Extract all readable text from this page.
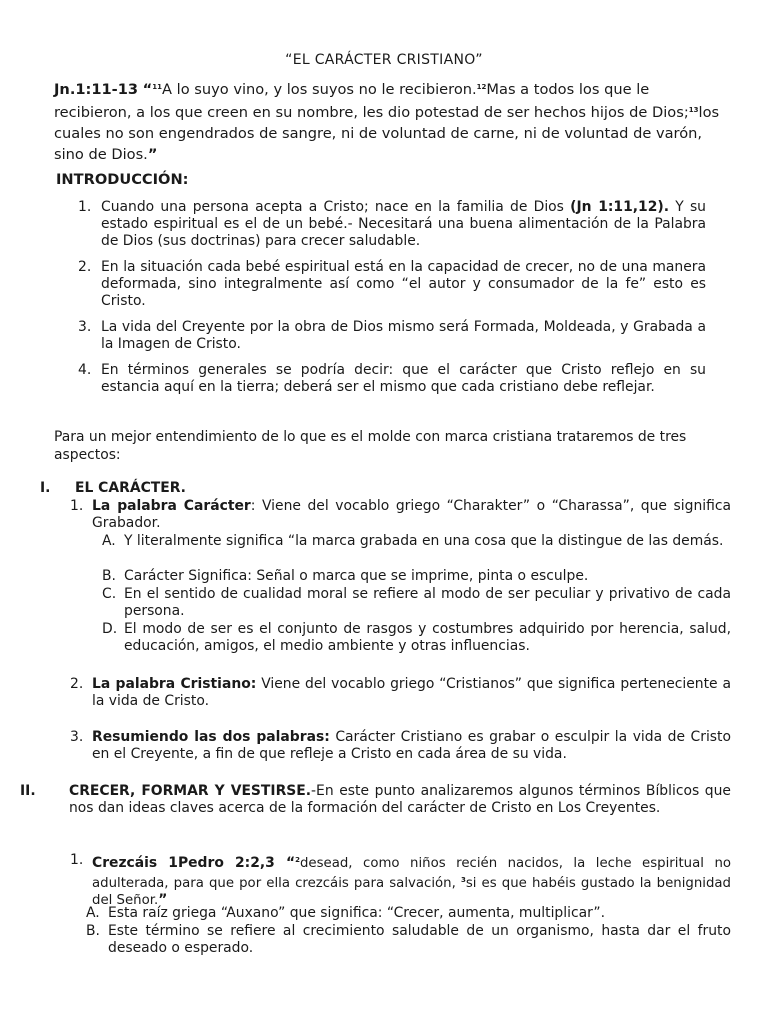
“EL CARÁCTER CRISTIANO”
Jn.1:11-13 “$^{11}$A lo suyo vino, y los suyos no le recibieron.$^{12}$Mas a todos los que le recibieron, a los que creen en su nombre, les dio potestad de ser hechos hijos de Dios;$^{13}$los cuales no son engendrados de sangre, ni de voluntad de carne, ni de voluntad de varón, sino de Dios.”
INTRODUCCIÓN:
1. Cuando una persona acepta a Cristo; nace en la familia de Dios (Jn 1:11,12). Y su estado espiritual es el de un bebé.- Necesitará una buena alimentación de la Palabra de Dios (sus doctrinas) para crecer saludable.
2. En la situación cada bebé espiritual está en la capacidad de crecer, no de una manera deformada, sino integralmente así como “el autor y consumador de la fe” esto es Cristo.
3. La vida del Creyente por la obra de Dios mismo será Formada, Moldeada, y Grabada a la Imagen de Cristo.
4. En términos generales se podría decir: que el carácter que Cristo reflejo en su estancia aquí en la tierra; deberá ser el mismo que cada cristiano debe reflejar.
Para un mejor entendimiento de lo que es el molde con marca cristiana trataremos de tres aspectos:
I.	EL CARÁCTER.
1. La palabra Carácter: Viene del vocablo griego “Charakter” o “Charassa”, que significa Grabador.
A. Y literalmente significa “la marca grabada en una cosa que la distingue de las demás.
B. Carácter Significa: Señal o marca que se imprime, pinta o esculpe.
C. En el sentido de cualidad moral se refiere al modo de ser peculiar y privativo de cada persona.
D. El modo de ser es el conjunto de rasgos y costumbres adquirido por herencia, salud, educación, amigos, el medio ambiente y otras influencias.
2. La palabra Cristiano: Viene del vocablo griego “Cristianos” que significa perteneciente a la vida de Cristo.
3. Resumiendo las dos palabras: Carácter Cristiano es grabar o esculpir la vida de Cristo en el Creyente, a fin de que refleje a Cristo en cada área de su vida.
II.	CRECER, FORMAR Y VESTIRSE.-En este punto analizaremos algunos términos Bíblicos que nos dan ideas claves acerca de la formación del carácter de Cristo en Los Creyentes.
1. Crezcáis 1Pedro 2:2,3 “$^2$desead, como niños recién nacidos, la leche espiritual no adulterada, para que por ella crezcáis para salvación, $^3$si es que habéis gustado la benignidad del Señor.”
A. Esta raíz griega “Auxano” que significa: “Crecer, aumenta, multiplicar”.
B. Este término se refiere al crecimiento saludable de un organismo, hasta dar el fruto deseado o esperado.
